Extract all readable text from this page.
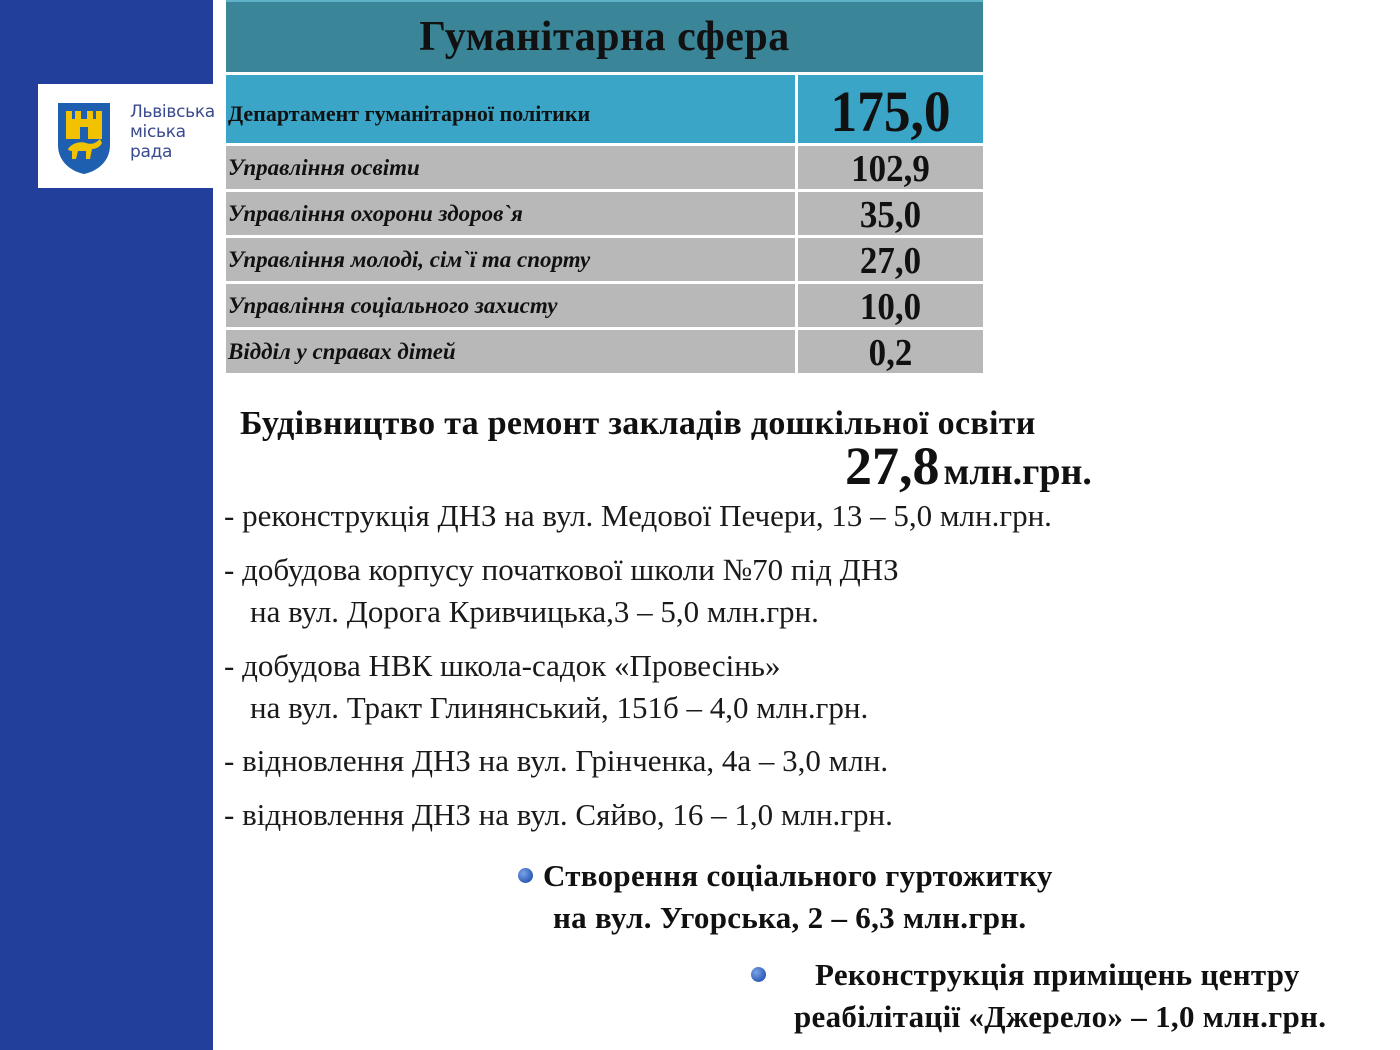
Львівська
міська
рада
Гуманітарна сфера
Департамент гуманітарної політики	175,0
Управління освіти	102,9
Управління охорони здоров`я	35,0
Управління молоді, сім`ї та спорту	27,0
Управління соціального захисту	10,0
Відділ у справах дітей	0,2
Будівництво та ремонт закладів дошкільної освіти
27,8 млн.грн.
- реконструкція ДНЗ на вул. Медової Печери, 13 – 5,0 млн.грн.
- добудова корпусу початкової школи №70 під ДНЗ
на вул. Дорога Кривчицька,3 – 5,0 млн.грн.
- добудова НВК школа-садок «Провесінь»
на вул. Тракт Глинянський, 151б – 4,0 млн.грн.
- відновлення ДНЗ на вул. Грінченка, 4а – 3,0 млн.
- відновлення ДНЗ на вул. Сяйво, 16 – 1,0 млн.грн.
Створення соціального гуртожитку
на вул. Угорська, 2 – 6,3 млн.грн.
Реконструкція приміщень центру
реабілітації «Джерело» – 1,0 млн.грн.
